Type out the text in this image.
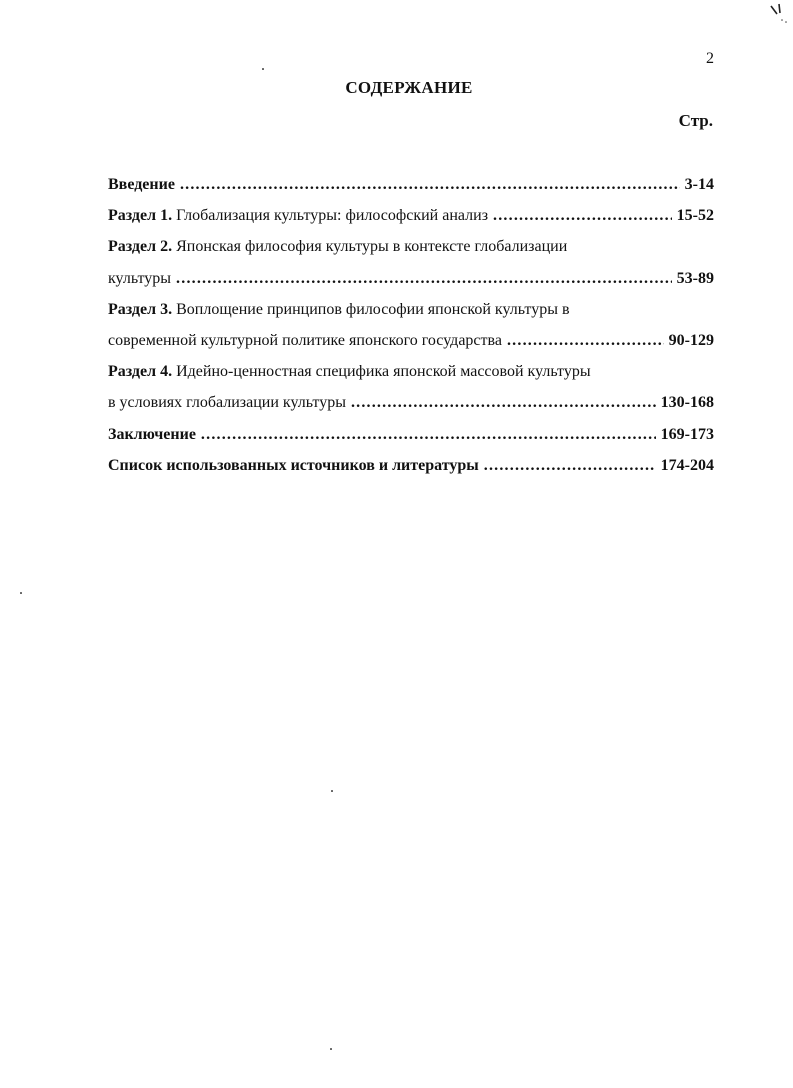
2
СОДЕРЖАНИЕ
Стр.
Введение .....	3-14
Раздел 1. Глобализация культуры: философский анализ .....	15-52
Раздел 2. Японская философия культуры в контексте глобализации
культуры .....	53-89
Раздел 3. Воплощение принципов философии японской культуры в
современной культурной политике японского государства .....	90-129
Раздел 4. Идейно-ценностная специфика японской массовой культуры
в условиях глобализации культуры .....	130-168
Заключение .....	169-173
Список использованных источников и литературы .....	174-204
